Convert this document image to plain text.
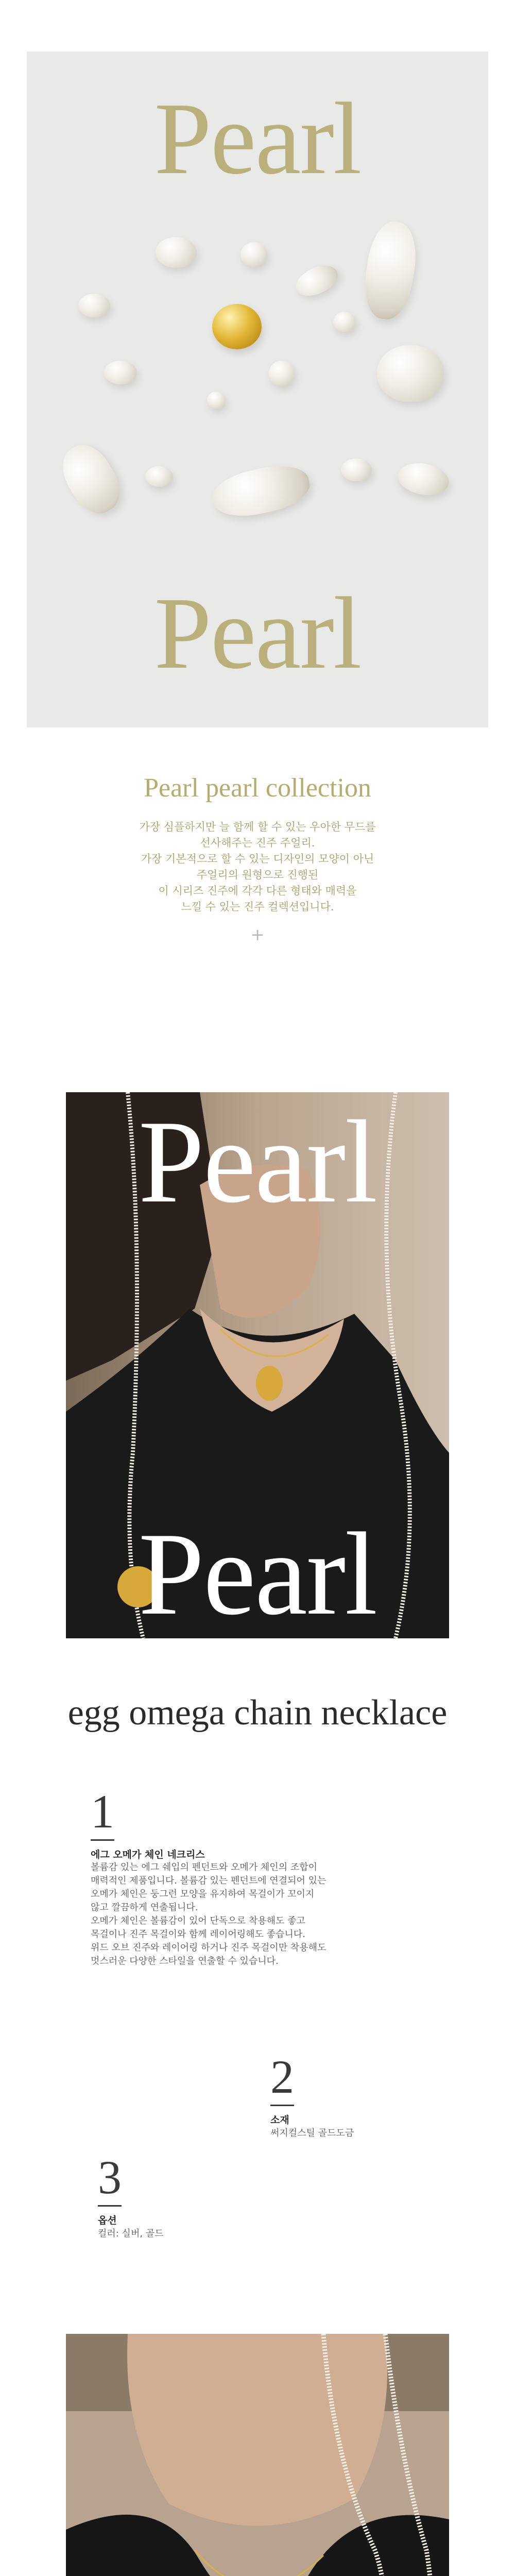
Pearl
Pearl
Pearl pearl collection
가장 심플하지만 늘 함께 할 수 있는 우아한 무드를
선사해주는 진주 주얼리.
가장 기본적으로 할 수 있는 디자인의 모양이 아닌
주얼리의 원형으로 진행된
이 시리즈 진주에 각각 다른 형태와 매력을
느낄 수 있는 진주 컬렉션입니다.
+
Pearl
Pearl
egg omega chain necklace
1
에그 오메가 체인 네크리스
볼륨감 있는 에그 쉐입의 펜던트와 오메가 체인의 조합이
매력적인 제품입니다. 볼륨감 있는 펜던트에 연결되어 있는
오메가 체인은 둥그런 모양을 유지하여 목걸이가 꼬이지
않고 깔끔하게 연출됩니다.
오메가 체인은 볼륨감이 있어 단독으로 착용해도 좋고
목걸이나 진주 목걸이와 함께 레이어링해도 좋습니다.
위드 오브 진주와 레이어링 하거나 진주 목걸이만 착용해도
멋스러운 다양한 스타일을 연출할 수 있습니다.
2
소재
써지컬스틸 골드도금
3
옵션
컬러: 실버, 골드
